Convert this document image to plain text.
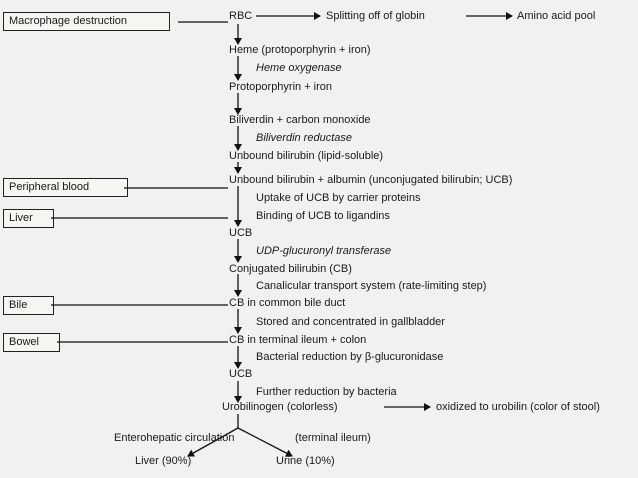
Macrophage destruction
Peripheral blood
Liver
Bile
Bowel
RBC	Splitting off of globin	Amino acid pool
Heme (protoporphyrin + iron)
Heme oxygenase
Protoporphyrin + iron
Biliverdin + carbon monoxide
Biliverdin reductase
Unbound bilirubin (lipid-soluble)
Unbound bilirubin + albumin (unconjugated bilirubin; UCB)
Uptake of UCB by carrier proteins
Binding of UCB to ligandins
UCB
UDP-glucuronyl transferase
Conjugated bilirubin (CB)
Canalicular transport system (rate-limiting step)
CB in common bile duct
Stored and concentrated in gallbladder
CB in terminal ileum + colon
Bacterial reduction by β-glucuronidase
UCB
Further reduction by bacteria
Urobilinogen (colorless)	oxidized to urobilin (color of stool)
Enterohepatic circulation	(terminal ileum)
Liver (90%)	Urine (10%)
